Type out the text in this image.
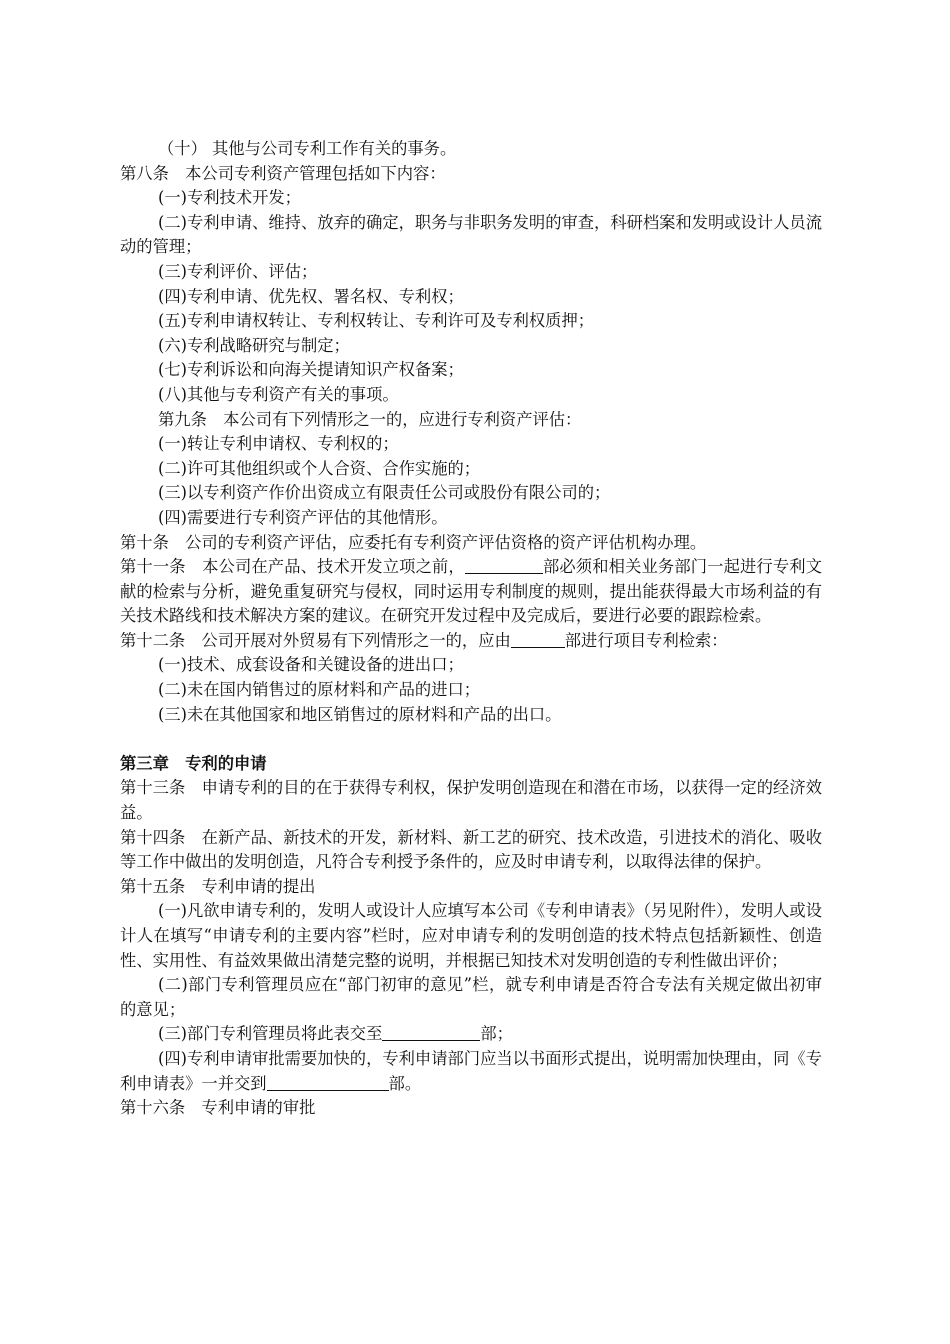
（十） 其他与公司专利工作有关的事务。

第八条　本公司专利资产管理包括如下内容：

(一)专利技术开发；

(二)专利申请、维持、放弃的确定，职务与非职务发明的审查，科研档案和发明或设计人员流动的管理；

(三)专利评价、评估；

(四)专利申请、优先权、署名权、专利权；

(五)专利申请权转让、专利权转让、专利许可及专利权质押；

(六)专利战略研究与制定；

(七)专利诉讼和向海关提请知识产权备案；

(八)其他与专利资产有关的事项。

第九条　本公司有下列情形之一的，应进行专利资产评估：

(一)转让专利申请权、专利权的；

(二)许可其他组织或个人合资、合作实施的；

(三)以专利资产作价出资成立有限责任公司或股份有限公司的；

(四)需要进行专利资产评估的其他情形。

第十条　公司的专利资产评估，应委托有专利资产评估资格的资产评估机构办理。

第十一条　本公司在产品、技术开发立项之前，	部必须和相关业务部门一起进行专利文献的检索与分析，避免重复研究与侵权，同时运用专利制度的规则，提出能获得最大市场利益的有关技术路线和技术解决方案的建议。在研究开发过程中及完成后，要进行必要的跟踪检索。

第十二条　公司开展对外贸易有下列情形之一的，应由	部进行项目专利检索：

(一)技术、成套设备和关键设备的进出口；

(二)未在国内销售过的原材料和产品的进口；

(三)未在其他国家和地区销售过的原材料和产品的出口。

第三章　专利的申请

第十三条　申请专利的目的在于获得专利权，保护发明创造现在和潜在市场，以获得一定的经济效益。

第十四条　在新产品、新技术的开发，新材料、新工艺的研究、技术改造，引进技术的消化、吸收等工作中做出的发明创造，凡符合专利授予条件的，应及时申请专利，以取得法律的保护。

第十五条　专利申请的提出

(一)凡欲申请专利的，发明人或设计人应填写本公司《专利申请表》（另见附件），发明人或设计人在填写“申请专利的主要内容”栏时，应对申请专利的发明创造的技术特点包括新颖性、创造性、实用性、有益效果做出清楚完整的说明，并根据已知技术对发明创造的专利性做出评价；

(二)部门专利管理员应在“部门初审的意见”栏，就专利申请是否符合专法有关规定做出初审的意见；

(三)部门专利管理员将此表交至	部；

(四)专利申请审批需要加快的，专利申请部门应当以书面形式提出，说明需加快理由，同《专利申请表》一并交到	部。

第十六条　专利申请的审批
